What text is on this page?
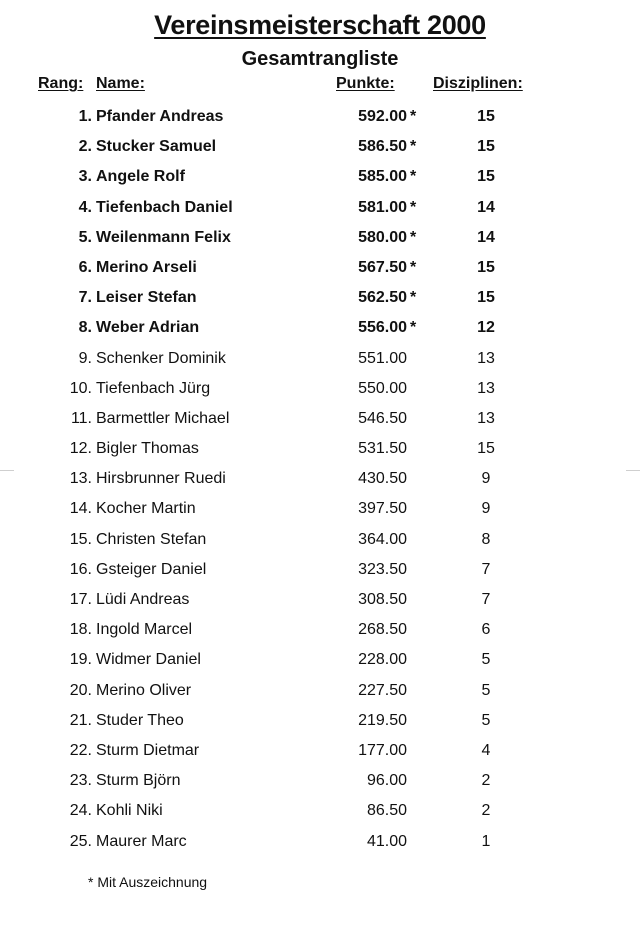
Vereinsmeisterschaft 2000
Gesamtrangliste
Rang: Name:	Punkte: Disziplinen:
1. Pfander Andreas	592.00 *	15
2. Stucker Samuel	586.50 *	15
3. Angele Rolf	585.00 *	15
4. Tiefenbach Daniel	581.00 *	14
5. Weilenmann Felix	580.00 *	14
6. Merino Arseli	567.50 *	15
7. Leiser Stefan	562.50 *	15
8. Weber Adrian	556.00 *	12
9. Schenker Dominik	551.00	13
10. Tiefenbach Jürg	550.00	13
11. Barmettler Michael	546.50	13
12. Bigler Thomas	531.50	15
13. Hirsbrunner Ruedi	430.50	9
14. Kocher Martin	397.50	9
15. Christen Stefan	364.00	8
16. Gsteiger Daniel	323.50	7
17. Lüdi Andreas	308.50	7
18. Ingold Marcel	268.50	6
19. Widmer Daniel	228.00	5
20. Merino Oliver	227.50	5
21. Studer Theo	219.50	5
22. Sturm Dietmar	177.00	4
23. Sturm Björn	96.00	2
24. Kohli Niki	86.50	2
25. Maurer Marc	41.00	1
* Mit Auszeichnung
